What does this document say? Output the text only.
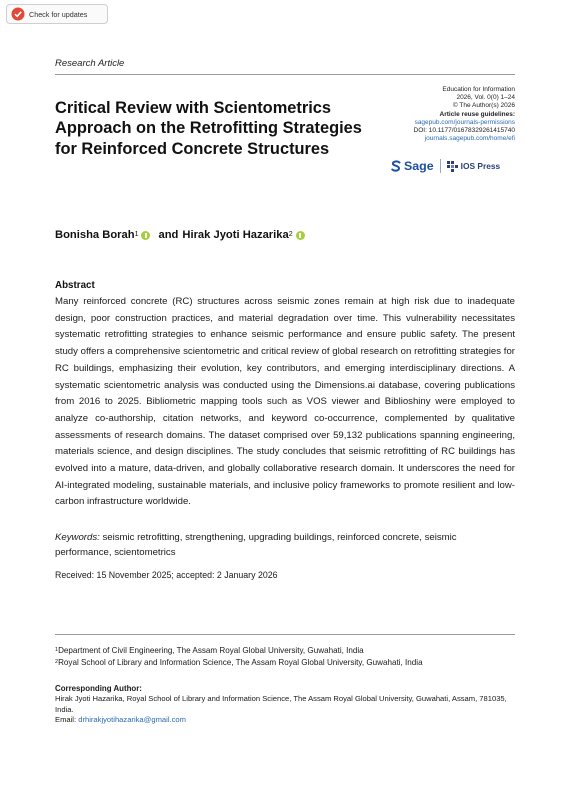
Check for updates
Research Article
Critical Review with Scientometrics Approach on the Retrofitting Strategies for Reinforced Concrete Structures
Education for Information
2026, Vol. 0(0) 1–24
© The Author(s) 2026
Article reuse guidelines:
sagepub.com/journals-permissions
DOI: 10.1177/01678329261415740
journals.sagepub.com/home/efi
Sage	IOS Press
Bonisha Borah$^1$ and Hirak Jyoti Hazarika$^2$
Abstract
Many reinforced concrete (RC) structures across seismic zones remain at high risk due to inadequate design, poor construction practices, and material degradation over time. This vulnerability necessitates systematic retrofitting strategies to enhance seismic performance and ensure public safety. The present study offers a comprehensive scientometric and critical review of global research on retrofitting strategies for RC buildings, emphasizing their evolution, key contributors, and emerging interdisciplinary directions. A systematic scientometric analysis was conducted using the Dimensions.ai database, covering publications from 2016 to 2025. Bibliometric mapping tools such as VOS viewer and Biblioshiny were employed to analyze co-authorship, citation networks, and keyword co-occurrence, complemented by qualitative assessments of research domains. The dataset comprised over 59,132 publications spanning engineering, materials science, and design disciplines. The study concludes that seismic retrofitting of RC buildings has evolved into a mature, data-driven, and globally collaborative research domain. It underscores the need for AI-integrated modeling, sustainable materials, and inclusive policy frameworks to promote resilient and low-carbon infrastructure worldwide.
Keywords: seismic retrofitting, strengthening, upgrading buildings, reinforced concrete, seismic performance, scientometrics
Received: 15 November 2025; accepted: 2 January 2026
$^1$Department of Civil Engineering, The Assam Royal Global University, Guwahati, India
$^2$Royal School of Library and Information Science, The Assam Royal Global University, Guwahati, India
Corresponding Author:
Hirak Jyoti Hazarika, Royal School of Library and Information Science, The Assam Royal Global University, Guwahati, Assam, 781035, India.
Email: drhirakjyotihazarika@gmail.com
